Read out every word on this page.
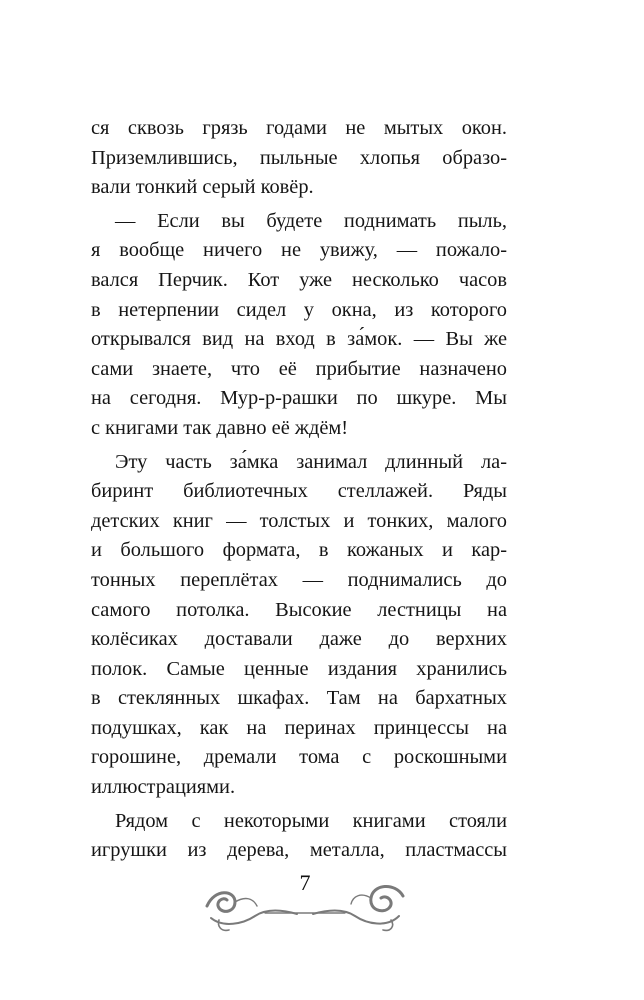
ся сквозь грязь годами не мытых окон.
Приземлившись, пыльные хлопья образо-
вали тонкий серый ковёр.
— Если вы будете поднимать пыль,
я вообще ничего не увижу, — пожало-
вался Перчик. Кот уже несколько часов
в нетерпении сидел у окна, из которого
открывался вид на вход в за́мок. — Вы же
сами знаете, что её прибытие назначено
на сегодня. Мур-р-рашки по шкуре. Мы
с книгами так давно её ждём!
Эту часть за́мка занимал длинный ла-
биринт библиотечных стеллажей. Ряды
детских книг — толстых и тонких, малого
и большого формата, в кожаных и кар-
тонных переплётах — поднимались до
самого потолка. Высокие лестницы на
колёсиках доставали даже до верхних
полок. Самые ценные издания хранились
в стеклянных шкафах. Там на бархатных
подушках, как на перинах принцессы на
горошине, дремали тома с роскошными
иллюстрациями.
Рядом с некоторыми книгами стояли
игрушки из дерева, металла, пластмассы
7
